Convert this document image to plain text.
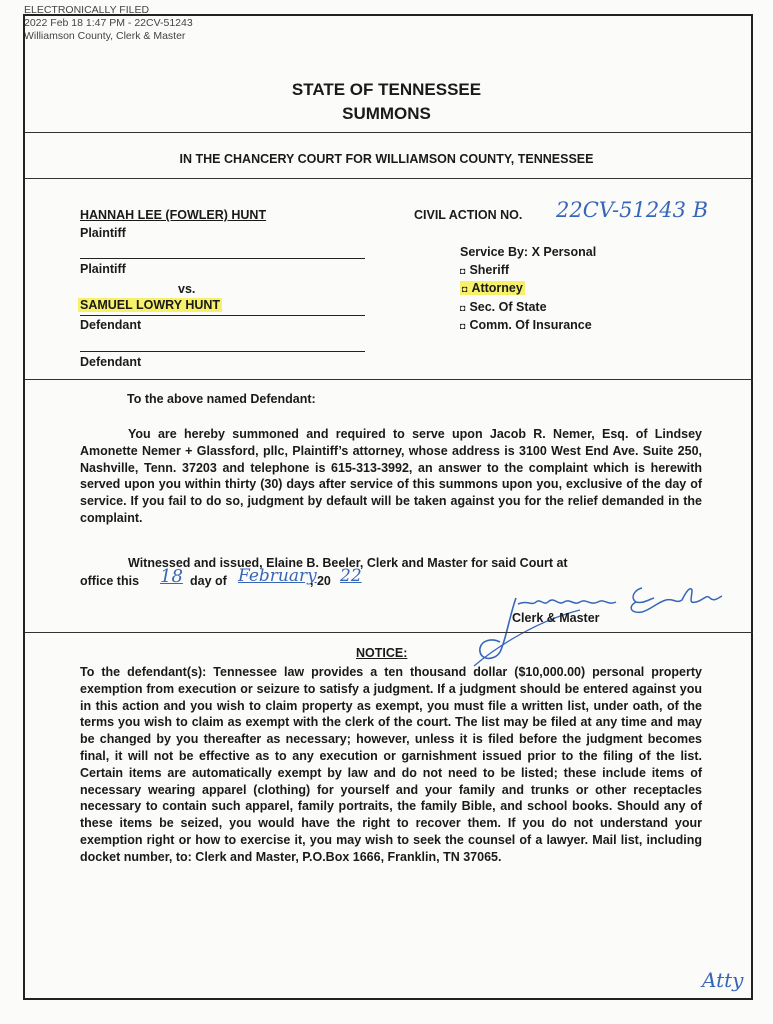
ELECTRONICALLY FILED
2022 Feb 18 1:47 PM - 22CV-51243
Williamson County, Clerk & Master
STATE OF TENNESSEE
SUMMONS
IN THE CHANCERY COURT FOR WILLIAMSON COUNTY, TENNESSEE
HANNAH LEE (FOWLER) HUNT
Plaintiff
Plaintiff
vs.
SAMUEL LOWRY HUNT
Defendant
Defendant
CIVIL ACTION NO. 22CV-51243 B
Service By: X Personal
◘ Sheriff
◘ Attorney
◘ Sec. Of State
◘ Comm. Of Insurance
To the above named Defendant:

You are hereby summoned and required to serve upon Jacob R. Nemer, Esq. of Lindsey Amonette Nemer + Glassford, pllc, Plaintiff’s attorney, whose address is 3100 West End Ave. Suite 250, Nashville, Tenn. 37203 and telephone is 615-313-3992, an answer to the complaint which is herewith served upon you within thirty (30) days after service of this summons upon you, exclusive of the day of service. If you fail to do so, judgment by default will be taken against you for the relief demanded in the complaint.

Witnessed and issued, Elaine B. Beeler, Clerk and Master for said Court at
office this 18 day of February
, 20 22
Clerk & Master
NOTICE:

To the defendant(s): Tennessee law provides a ten thousand dollar ($10,000.00) personal property exemption from execution or seizure to satisfy a judgment. If a judgment should be entered against you in this action and you wish to claim property as exempt, you must file a written list, under oath, of the terms you wish to claim as exempt with the clerk of the court. The list may be filed at any time and may be changed by you thereafter as necessary; however, unless it is filed before the judgment becomes final, it will not be effective as to any execution or garnishment issued prior to the filing of the list. Certain items are automatically exempt by law and do not need to be listed; these include items of necessary wearing apparel (clothing) for yourself and your family and trunks or other receptacles necessary to contain such apparel, family portraits, the family Bible, and school books. Should any of these items be seized, you would have the right to recover them. If you do not understand your exemption right or how to exercise it, you may wish to seek the counsel of a lawyer. Mail list, including docket number, to: Clerk and Master, P.O.Box 1666, Franklin, TN 37065.

Atty
